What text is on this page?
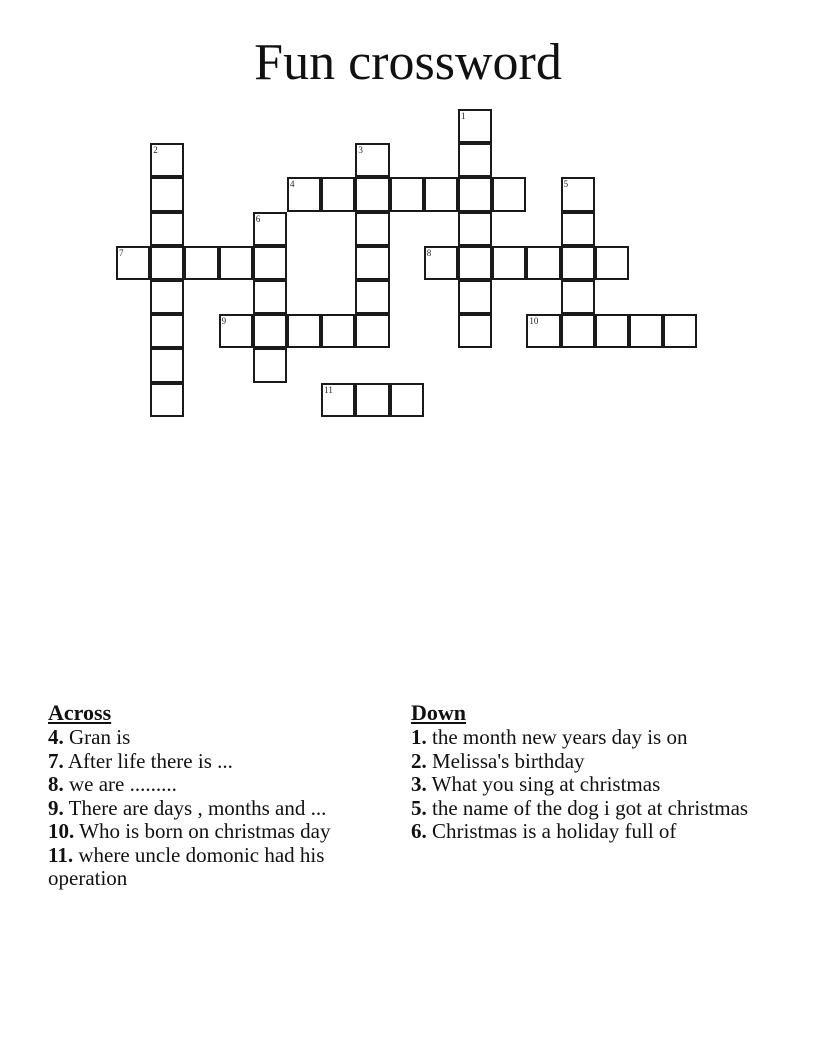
Fun crossword
1
2	3
4	5
6
7	8
9	10
11
Across

4. Gran is

7. After life there is ...

8. we are .........

9. There are days , months and ...

10. Who is born on christmas day

11. where uncle domonic had his operation

Down

1. the month new years day is on

2. Melissa's birthday

3. What you sing at christmas

5. the name of the dog i got at christmas

6. Christmas is a holiday full of
